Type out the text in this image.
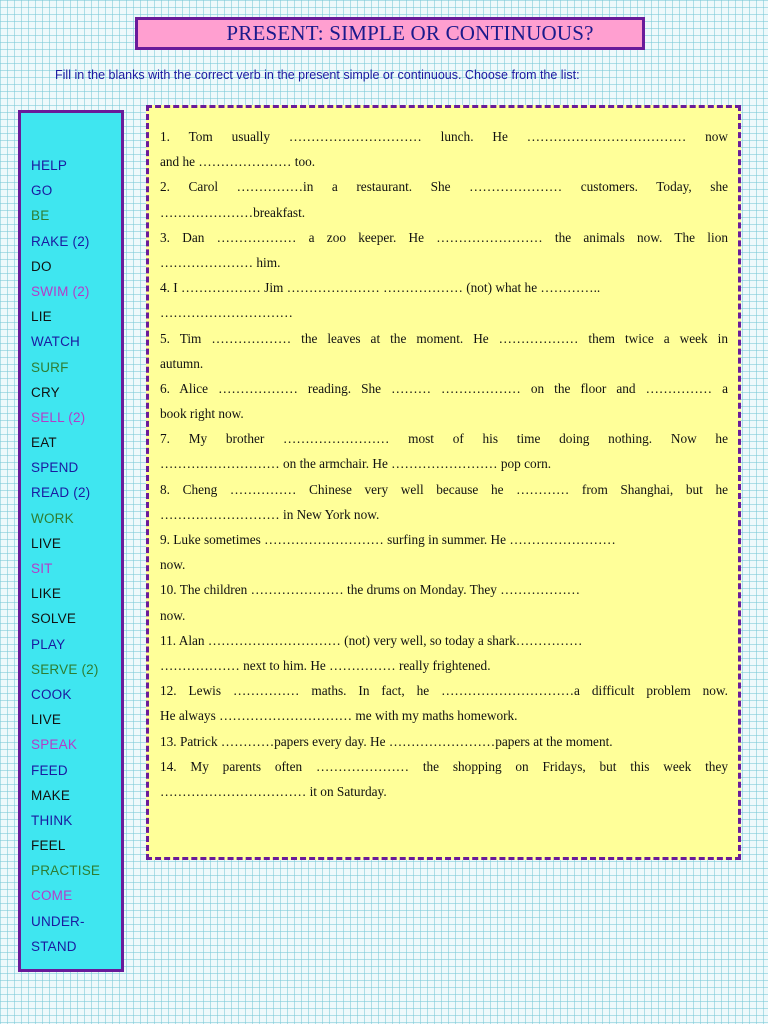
PRESENT: SIMPLE OR CONTINUOUS?
Fill in the blanks with the correct verb in the present simple or continuous. Choose from the list:
HELP
GO
BE
RAKE (2)
DO
SWIM (2)
LIE
WATCH
SURF
CRY
SELL (2)
EAT
SPEND
READ (2)
WORK
LIVE
SIT
LIKE
SOLVE
PLAY
SERVE (2)
COOK
LIVE
SPEAK
FEED
MAKE
THINK
FEEL
PRACTISE
COME
UNDER-
STAND
1. Tom usually ………………………… lunch. He ……………………………… now
and he ………………… too.
2. Carol ……………in a restaurant. She ………………… customers. Today, she
…………………breakfast.
3. Dan ……………… a zoo keeper. He …………………… the animals now. The lion
………………… him.
4. I ……………… Jim ………………… ……………… (not) what he …………..
…………………………
5. Tim ……………… the leaves at the moment. He ……………… them twice a week in
autumn.
6. Alice ……………… reading. She ……… ……………… on the floor and …………… a
book right now.
7. My brother …………………… most of his time doing nothing. Now he
……………………… on the armchair. He …………………… pop corn.
8. Cheng …………… Chinese very well because he ………… from Shanghai, but he
……………………… in New York now.
9. Luke sometimes ……………………… surfing in summer. He ……………………
now.
10. The children ………………… the drums on Monday. They ………………
now.
11. Alan ………………………… (not) very well, so today a shark……………
……………… next to him. He …………… really frightened.
12. Lewis …………… maths. In fact, he …………………………a difficult problem now.
He always ………………………… me with my maths homework.
13. Patrick …………papers every day. He ……………………papers at the moment.
14. My parents often ………………… the shopping on Fridays, but this week they
…………………………… it on Saturday.
